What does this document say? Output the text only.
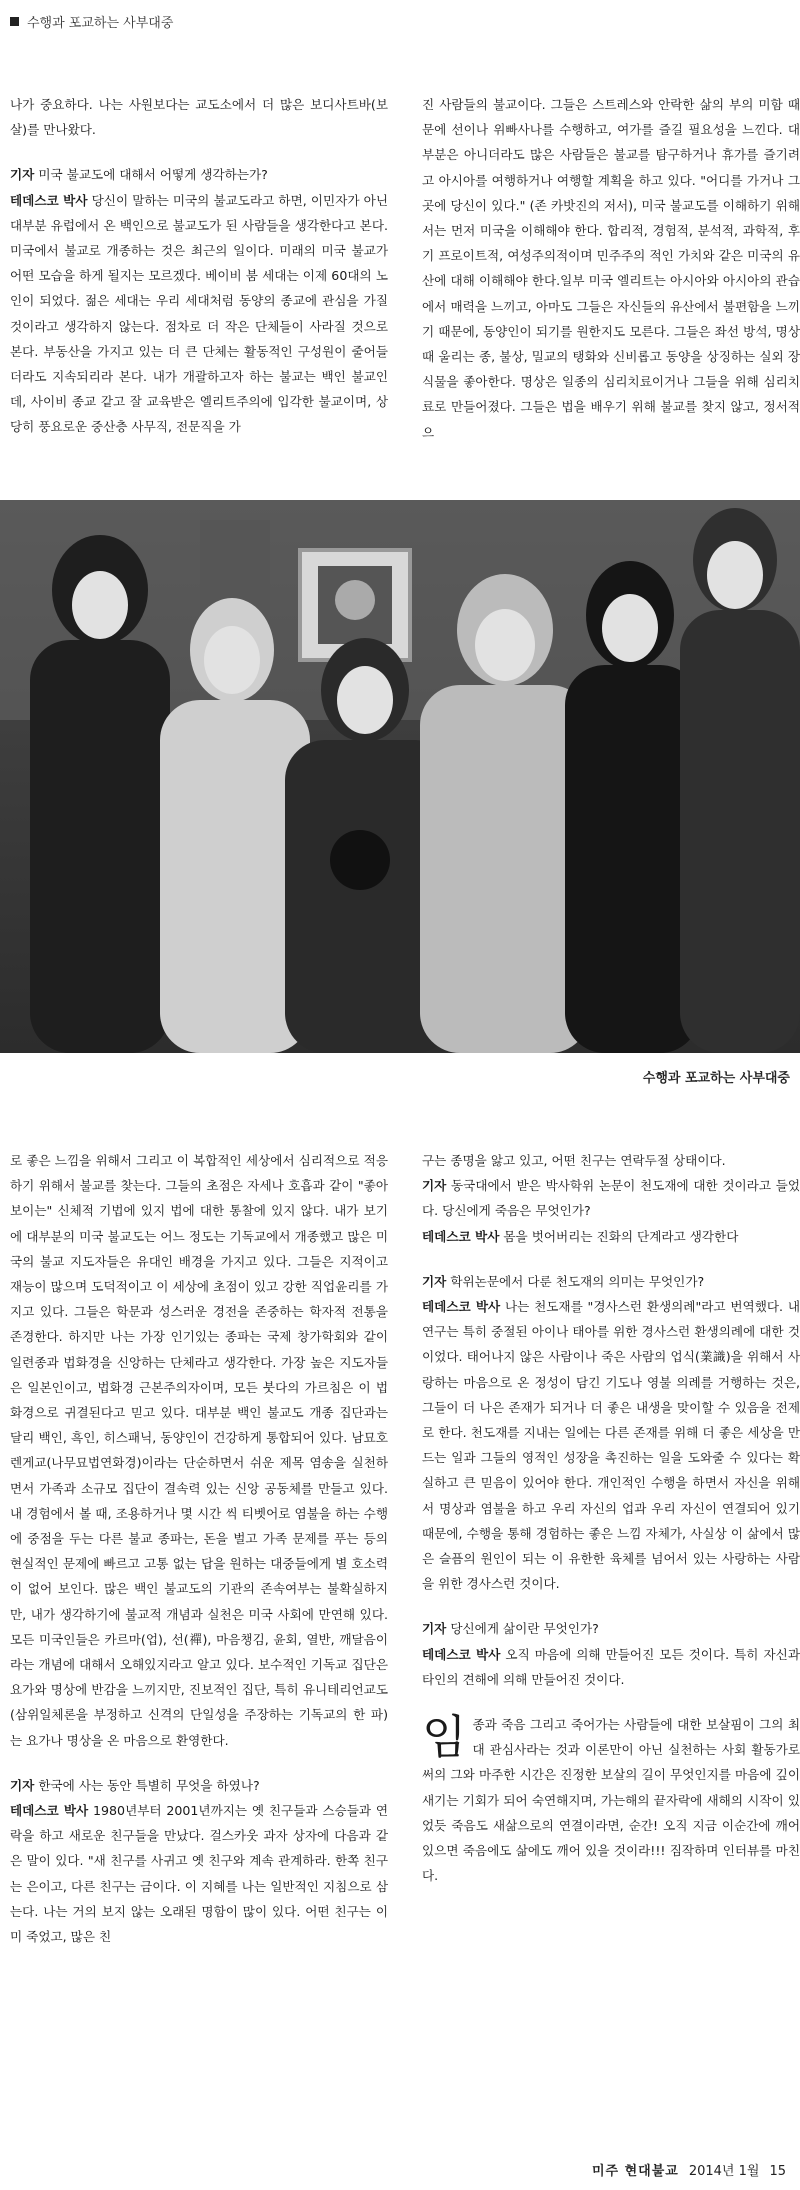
수행과 포교하는 사부대중

나가 중요하다. 나는 사원보다는 교도소에서 더 많은 보디사트바(보살)를 만나왔다.

기자 미국 불교도에 대해서 어떻게 생각하는가?

테데스코 박사 당신이 말하는 미국의 불교도라고 하면, 이민자가 아닌 대부분 유럽에서 온 백인으로 불교도가 된 사람들을 생각한다고 본다.미국에서 불교로 개종하는 것은 최근의 일이다. 미래의 미국 불교가 어떤 모습을 하게 될지는 모르겠다. 베이비 붐 세대는 이제 60대의 노인이 되었다. 젊은 세대는 우리 세대처럼 동양의 종교에 관심을 가질 것이라고 생각하지 않는다. 점차로 더 작은 단체들이 사라질 것으로 본다. 부동산을 가지고 있는 더 큰 단체는 활동적인 구성원이 줄어들더라도 지속되리라 본다. 내가 개괄하고자 하는 불교는 백인 불교인데, 사이비 종교 같고 잘 교육받은 엘리트주의에 입각한 불교이며, 상당히 풍요로운 중산층 사무직, 전문직을 가

진 사람들의 불교이다. 그들은 스트레스와 안락한 삶의 부의 미함 때문에 선이나 위빠사나를 수행하고, 여가를 즐길 필요성을 느낀다. 대부분은 아니더라도 많은 사람들은 불교를 탐구하거나 휴가를 즐기려고 아시아를 여행하거나 여행할 계획을 하고 있다. "어디를 가거나 그곳에 당신이 있다." (존 카밧진의 저서), 미국 불교도를 이해하기 위해서는 먼저 미국을 이해해야 한다. 합리적, 경험적, 분석적, 과학적, 후기 프로이트적, 여성주의적이며 민주주의 적인 가치와 같은 미국의 유산에 대해 이해해야 한다.일부 미국 엘리트는 아시아와 아시아의 관습에서 매력을 느끼고, 아마도 그들은 자신들의 유산에서 불편함을 느끼기 때문에, 동양인이 되기를 원한지도 모른다. 그들은 좌선 방석, 명상때 울리는 종, 불상, 밀교의 탱화와 신비롭고 동양을 상징하는 실외 장식물을 좋아한다. 명상은 일종의 심리치료이거나 그들을 위해 심리치료로 만들어졌다. 그들은 법을 배우기 위해 불교를 찾지 않고, 정서적으

수행과 포교하는 사부대중

로 좋은 느낌을 위해서 그리고 이 복합적인 세상에서 심리적으로 적응하기 위해서 불교를 찾는다. 그들의 초점은 자세나 호흡과 같이 "좋아 보이는" 신체적 기법에 있지 법에 대한 통찰에 있지 않다. 내가 보기에 대부분의 미국 불교도는 어느 정도는 기독교에서 개종했고 많은 미국의 불교 지도자들은 유대인 배경을 가지고 있다. 그들은 지적이고 재능이 많으며 도덕적이고 이 세상에 초점이 있고 강한 직업윤리를 가지고 있다. 그들은 학문과 성스러운 경전을 존중하는 학자적 전통을 존경한다. 하지만 나는 가장 인기있는 종파는 국제 창가학회와 같이 일련종과 법화경을 신앙하는 단체라고 생각한다. 가장 높은 지도자들은 일본인이고, 법화경 근본주의자이며, 모든 붓다의 가르침은 이 법화경으로 귀결된다고 믿고 있다. 대부분 백인 불교도 개종 집단과는 달리 백인, 흑인, 히스패닉, 동양인이 건강하게 통합되어 있다. 남묘호렌게교(나무묘법연화경)이라는 단순하면서 쉬운 제목 염송을 실천하면서 가족과 소규모 집단이 결속력 있는 신앙 공동체를 만들고 있다. 내 경험에서 볼 때, 조용하거나 몇 시간 씩 티벳어로 염불을 하는 수행에 중점을 두는 다른 불교 종파는, 돈을 벌고 가족 문제를 푸는 등의 현실적인 문제에 빠르고 고통 없는 답을 원하는 대중들에게 별 호소력이 없어 보인다. 많은 백인 불교도의 기관의 존속여부는 불확실하지만, 내가 생각하기에 불교적 개념과 실천은 미국 사회에 만연해 있다. 모든 미국인들은 카르마(업), 선(禪), 마음챙김, 윤회, 열반, 깨달음이라는 개념에 대해서 오해있지라고 알고 있다. 보수적인 기독교 집단은 요가와 명상에 반감을 느끼지만, 진보적인 집단, 특히 유니테리언교도(삼위일체론을 부정하고 신격의 단일성을 주장하는 기독교의 한 파)는 요가나 명상을 온 마음으로 환영한다.

기자 한국에 사는 동안 특별히 무엇을 하였나?

테데스코 박사 1980년부터 2001년까지는 옛 친구들과 스승들과 연락을 하고 새로운 친구들을 만났다. 걸스카웃 과자 상자에 다음과 같은 말이 있다. "새 친구를 사귀고 옛 친구와 계속 관계하라. 한쪽 친구는 은이고, 다른 친구는 금이다. 이 지혜를 나는 일반적인 지침으로 삼는다. 나는 거의 보지 않는 오래된 명함이 많이 있다. 어떤 친구는 이미 죽었고, 많은 친

구는 종명을 앓고 있고, 어떤 친구는 연락두절 상태이다.

기자 동국대에서 받은 박사학위 논문이 천도재에 대한 것이라고 들었다. 당신에게 죽음은 무엇인가?

테데스코 박사 몸을 벗어버리는 진화의 단계라고 생각한다

기자 학위논문에서 다룬 천도재의 의미는 무엇인가?

테데스코 박사 나는 천도재를 "경사스런 환생의례"라고 번역했다. 내 연구는 특히 중절된 아이나 태아를 위한 경사스런 환생의례에 대한 것이었다. 태어나지 않은 사람이나 죽은 사람의 업식(業識)을 위해서 사랑하는 마음으로 온 정성이 담긴 기도나 영불 의례를 거행하는 것은, 그들이 더 나은 존재가 되거나 더 좋은 내생을 맞이할 수 있음을 전제로 한다. 천도재를 지내는 일에는 다른 존재를 위해 더 좋은 세상을 만드는 일과 그들의 영적인 성장을 촉진하는 일을 도와줄 수 있다는 확실하고 큰 믿음이 있어야 한다. 개인적인 수행을 하면서 자신을 위해서 명상과 염불을 하고 우리 자신의 업과 우리 자신이 연결되어 있기 때문에, 수행을 통해 경험하는 좋은 느낌 자체가, 사실상 이 삶에서 많은 슬픔의 원인이 되는 이 유한한 육체를 넘어서 있는 사랑하는 사람을 위한 경사스런 것이다.

기자 당신에게 삶이란 무엇인가?

테데스코 박사 오직 마음에 의해 만들어진 모든 것이다. 특히 자신과 타인의 견해에 의해 만들어진 것이다.

임종과 죽음 그리고 죽어가는 사람들에 대한 보살핌이 그의 최대 관심사라는 것과 이론만이 아닌 실천하는 사회 활동가로써의 그와 마주한 시간은 진정한 보살의 길이 무엇인지를 마음에 깊이 새기는 기회가 되어 숙연해지며, 가는해의 끝자락에 새해의 시작이 있었듯 죽음도 새삶으로의 연결이라면, 순간! 오직 지금 이순간에 깨어 있으면 죽음에도 삶에도 깨어 있을 것이라!!! 짐작하며 인터뷰를 마친다.

미주 현대불교 2014년 1월 15
